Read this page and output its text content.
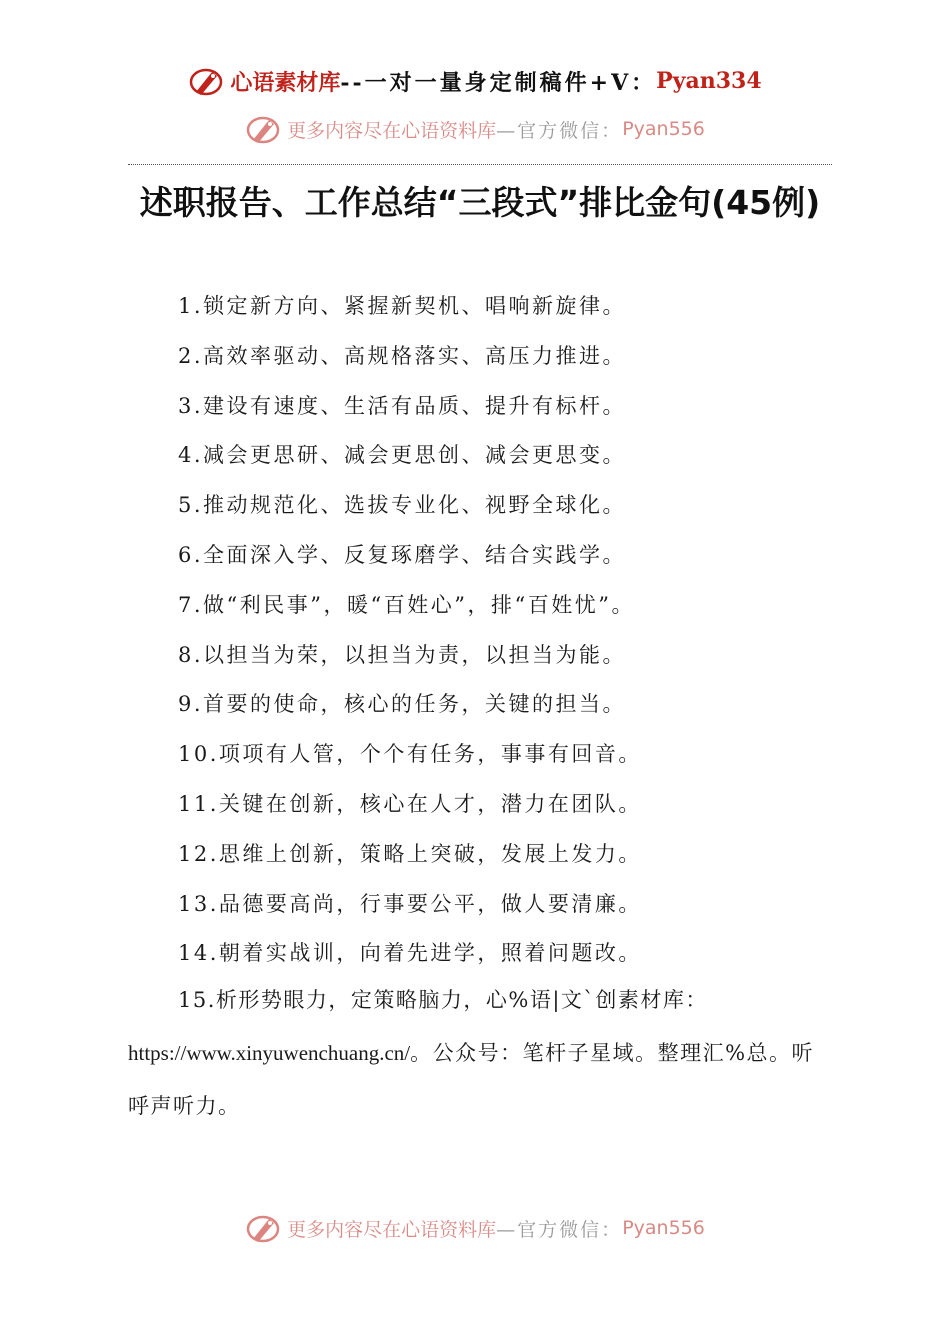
心语素材库 --一对一量身定制稿件+V： Pyan334
更多内容尽在心语资料库 —官方微信： Pyan556
述职报告、工作总结“三段式”排比金句(45例)
1.锁定新方向、紧握新契机、唱响新旋律。
2.高效率驱动、高规格落实、高压力推进。
3.建设有速度、生活有品质、提升有标杆。
4.减会更思研、减会更思创、减会更思变。
5.推动规范化、选拔专业化、视野全球化。
6.全面深入学、反复琢磨学、结合实践学。
7.做“利民事”，暖“百姓心”，排“百姓忧”。
8.以担当为荣，以担当为责，以担当为能。
9.首要的使命，核心的任务，关键的担当。
10.项项有人管，个个有任务，事事有回音。
11.关键在创新，核心在人才，潜力在团队。
12.思维上创新，策略上突破，发展上发力。
13.品德要高尚，行事要公平，做人要清廉。
14.朝着实战训，向着先进学，照着问题改。

15.析形势眼力，定策略脑力，心%语|文`创素材库：https://www.xinyuwenchuang.cn/。公众号：笔杆子星域。整理汇%总。听呼声听力。

更多内容尽在心语资料库 —官方微信： Pyan556
